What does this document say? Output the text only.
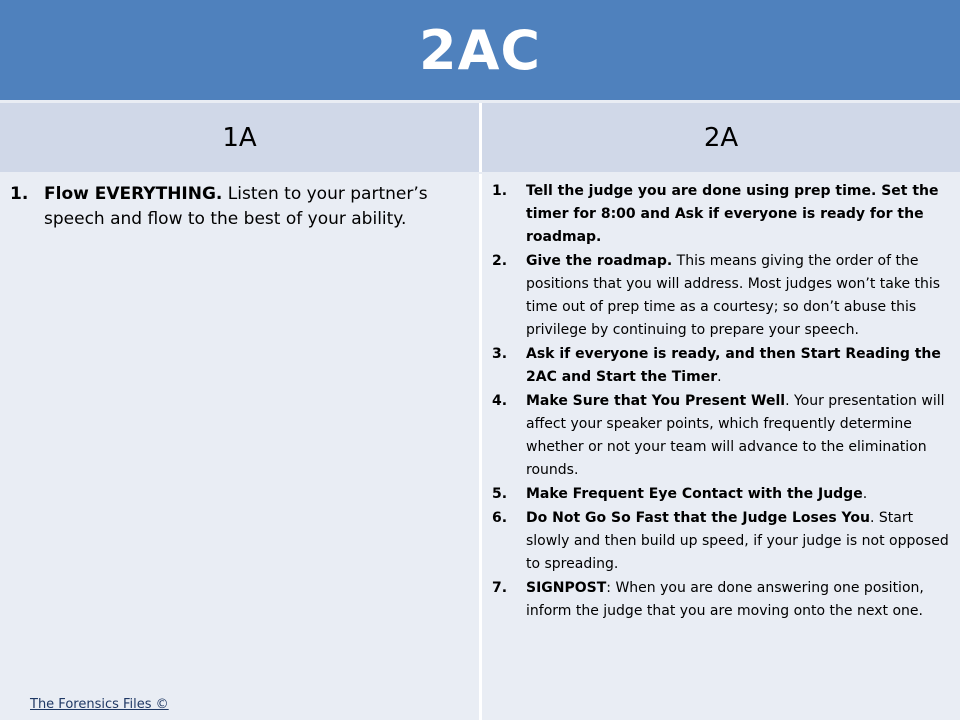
2AC
1A	2A
1. Flow EVERYTHING. Listen to your partner’s speech and flow to the best of your ability.
1.	Tell the judge you are done using prep time. Set the timer for 8:00 and Ask if everyone is ready for the roadmap.
2.	Give the roadmap. This means giving the order of the positions that you will address. Most judges won’t take this time out of prep time as a courtesy; so don’t abuse this privilege by continuing to prepare your speech.
3.	Ask if everyone is ready, and then Start Reading the 2AC and Start the Timer.
4.	Make Sure that You Present Well. Your presentation will affect your speaker points, which frequently determine whether or not your team will advance to the elimination rounds.
5.	Make Frequent Eye Contact with the Judge.
6.	Do Not Go So Fast that the Judge Loses You. Start slowly and then build up speed, if your judge is not opposed to spreading.
7.	SIGNPOST: When you are done answering one position, inform the judge that you are moving onto the next one.
The Forensics Files ©
